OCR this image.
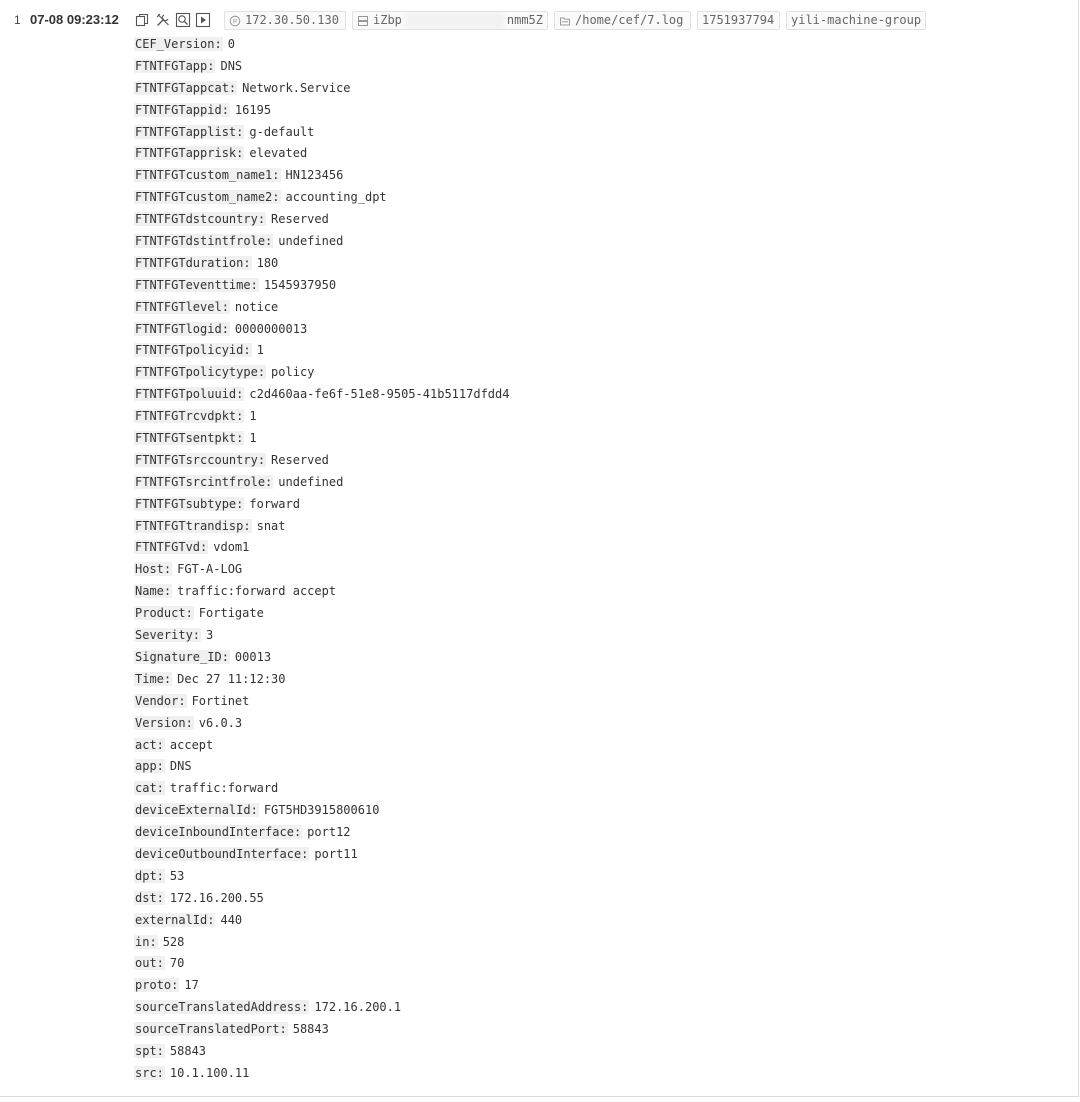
1 07-08 09:23:12	IP 172.30.50.130	iZbp	nmm5Z	/home/cef/7.log 1751937794 yili-machine-group
CEF_Version: 0
FTNTFGTapp: DNS
FTNTFGTappcat: Network.Service
FTNTFGTappid: 16195
FTNTFGTapplist: g-default
FTNTFGTapprisk: elevated
FTNTFGTcustom_name1: HN123456
FTNTFGTcustom_name2: accounting_dpt
FTNTFGTdstcountry: Reserved
FTNTFGTdstintfrole: undefined
FTNTFGTduration: 180
FTNTFGTeventtime: 1545937950
FTNTFGTlevel: notice
FTNTFGTlogid: 0000000013
FTNTFGTpolicyid: 1
FTNTFGTpolicytype: policy
FTNTFGTpoluuid: c2d460aa-fe6f-51e8-9505-41b5117dfdd4
FTNTFGTrcvdpkt: 1
FTNTFGTsentpkt: 1
FTNTFGTsrccountry: Reserved
FTNTFGTsrcintfrole: undefined
FTNTFGTsubtype: forward
FTNTFGTtrandisp: snat
FTNTFGTvd: vdom1
Host: FGT-A-LOG
Name: traffic:forward accept
Product: Fortigate
Severity: 3
Signature_ID: 00013
Time: Dec 27 11:12:30
Vendor: Fortinet
Version: v6.0.3
act: accept
app: DNS
cat: traffic:forward
deviceExternalId: FGT5HD3915800610
deviceInboundInterface: port12
deviceOutboundInterface: port11
dpt: 53
dst: 172.16.200.55
externalId: 440
in: 528
out: 70
proto: 17
sourceTranslatedAddress: 172.16.200.1
sourceTranslatedPort: 58843
spt: 58843
src: 10.1.100.11
